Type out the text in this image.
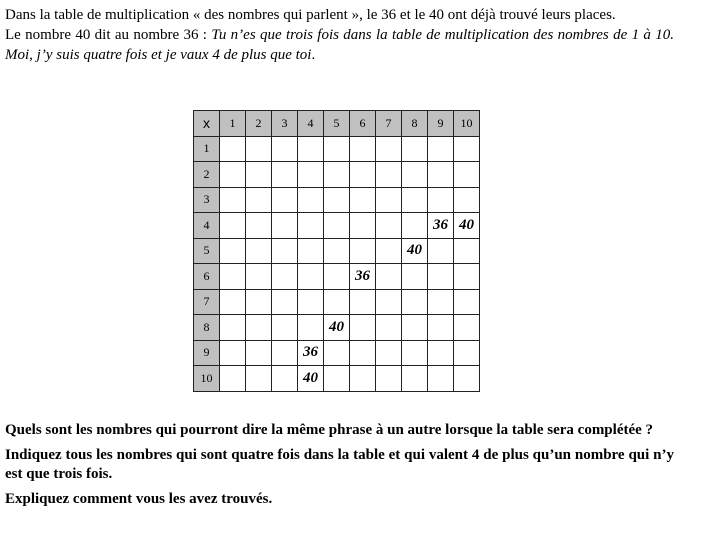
Dans la table de multiplication « des nombres qui parlent », le 36 et le 40 ont déjà trouvé leurs places.

Le nombre 40 dit au nombre 36 : Tu n’es que trois fois dans la table de multiplication des nombres de 1 à 10. Moi, j’y suis quatre fois et je vaux 4 de plus que toi.

x	1	2	3	4	5	6	7	8	9	10
1										
2										
3										
4									36	40
5								40		
6						36				
7										
8					40					
9				36						
10				40						

Quels sont les nombres qui pourront dire la même phrase à un autre lorsque la table sera complétée ?

Indiquez tous les nombres qui sont quatre fois dans la table et qui valent 4 de plus qu’un nombre qui n’y est que trois fois.

Expliquez comment vous les avez trouvés.
